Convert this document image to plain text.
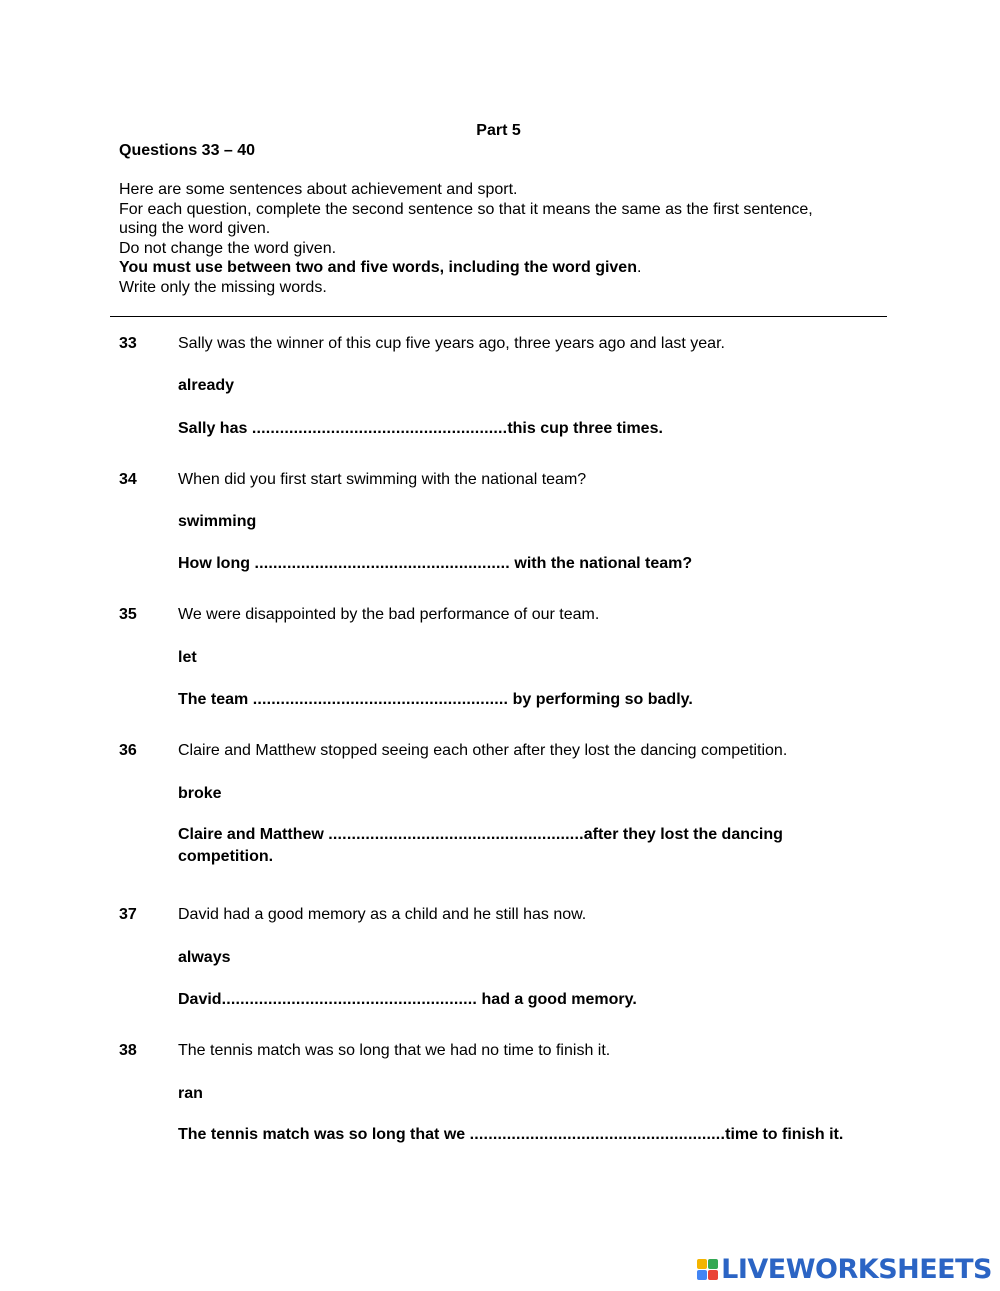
Part 5
Questions 33 – 40
Here are some sentences about achievement and sport.
For each question, complete the second sentence so that it means the same as the first sentence,
using the word given.
Do not change the word given.
You must use between two and five words, including the word given.
Write only the missing words.
33	Sally was the winner of this cup five years ago, three years ago and last year.
already
Sally has .......................................................this cup three times.
34	When did you first start swimming with the national team?
swimming
How long ....................................................... with the national team?
35	We were disappointed by the bad performance of our team.
let
The team ....................................................... by performing so badly.
36	Claire and Matthew stopped seeing each other after they lost the dancing competition.
broke
Claire and Matthew .......................................................after they lost the dancing competition.
37	David had a good memory as a child and he still has now.
always
David....................................................... had a good memory.
38	The tennis match was so long that we had no time to finish it.
ran
The tennis match was so long that we .......................................................time to finish it.
LIVEWORKSHEETS
